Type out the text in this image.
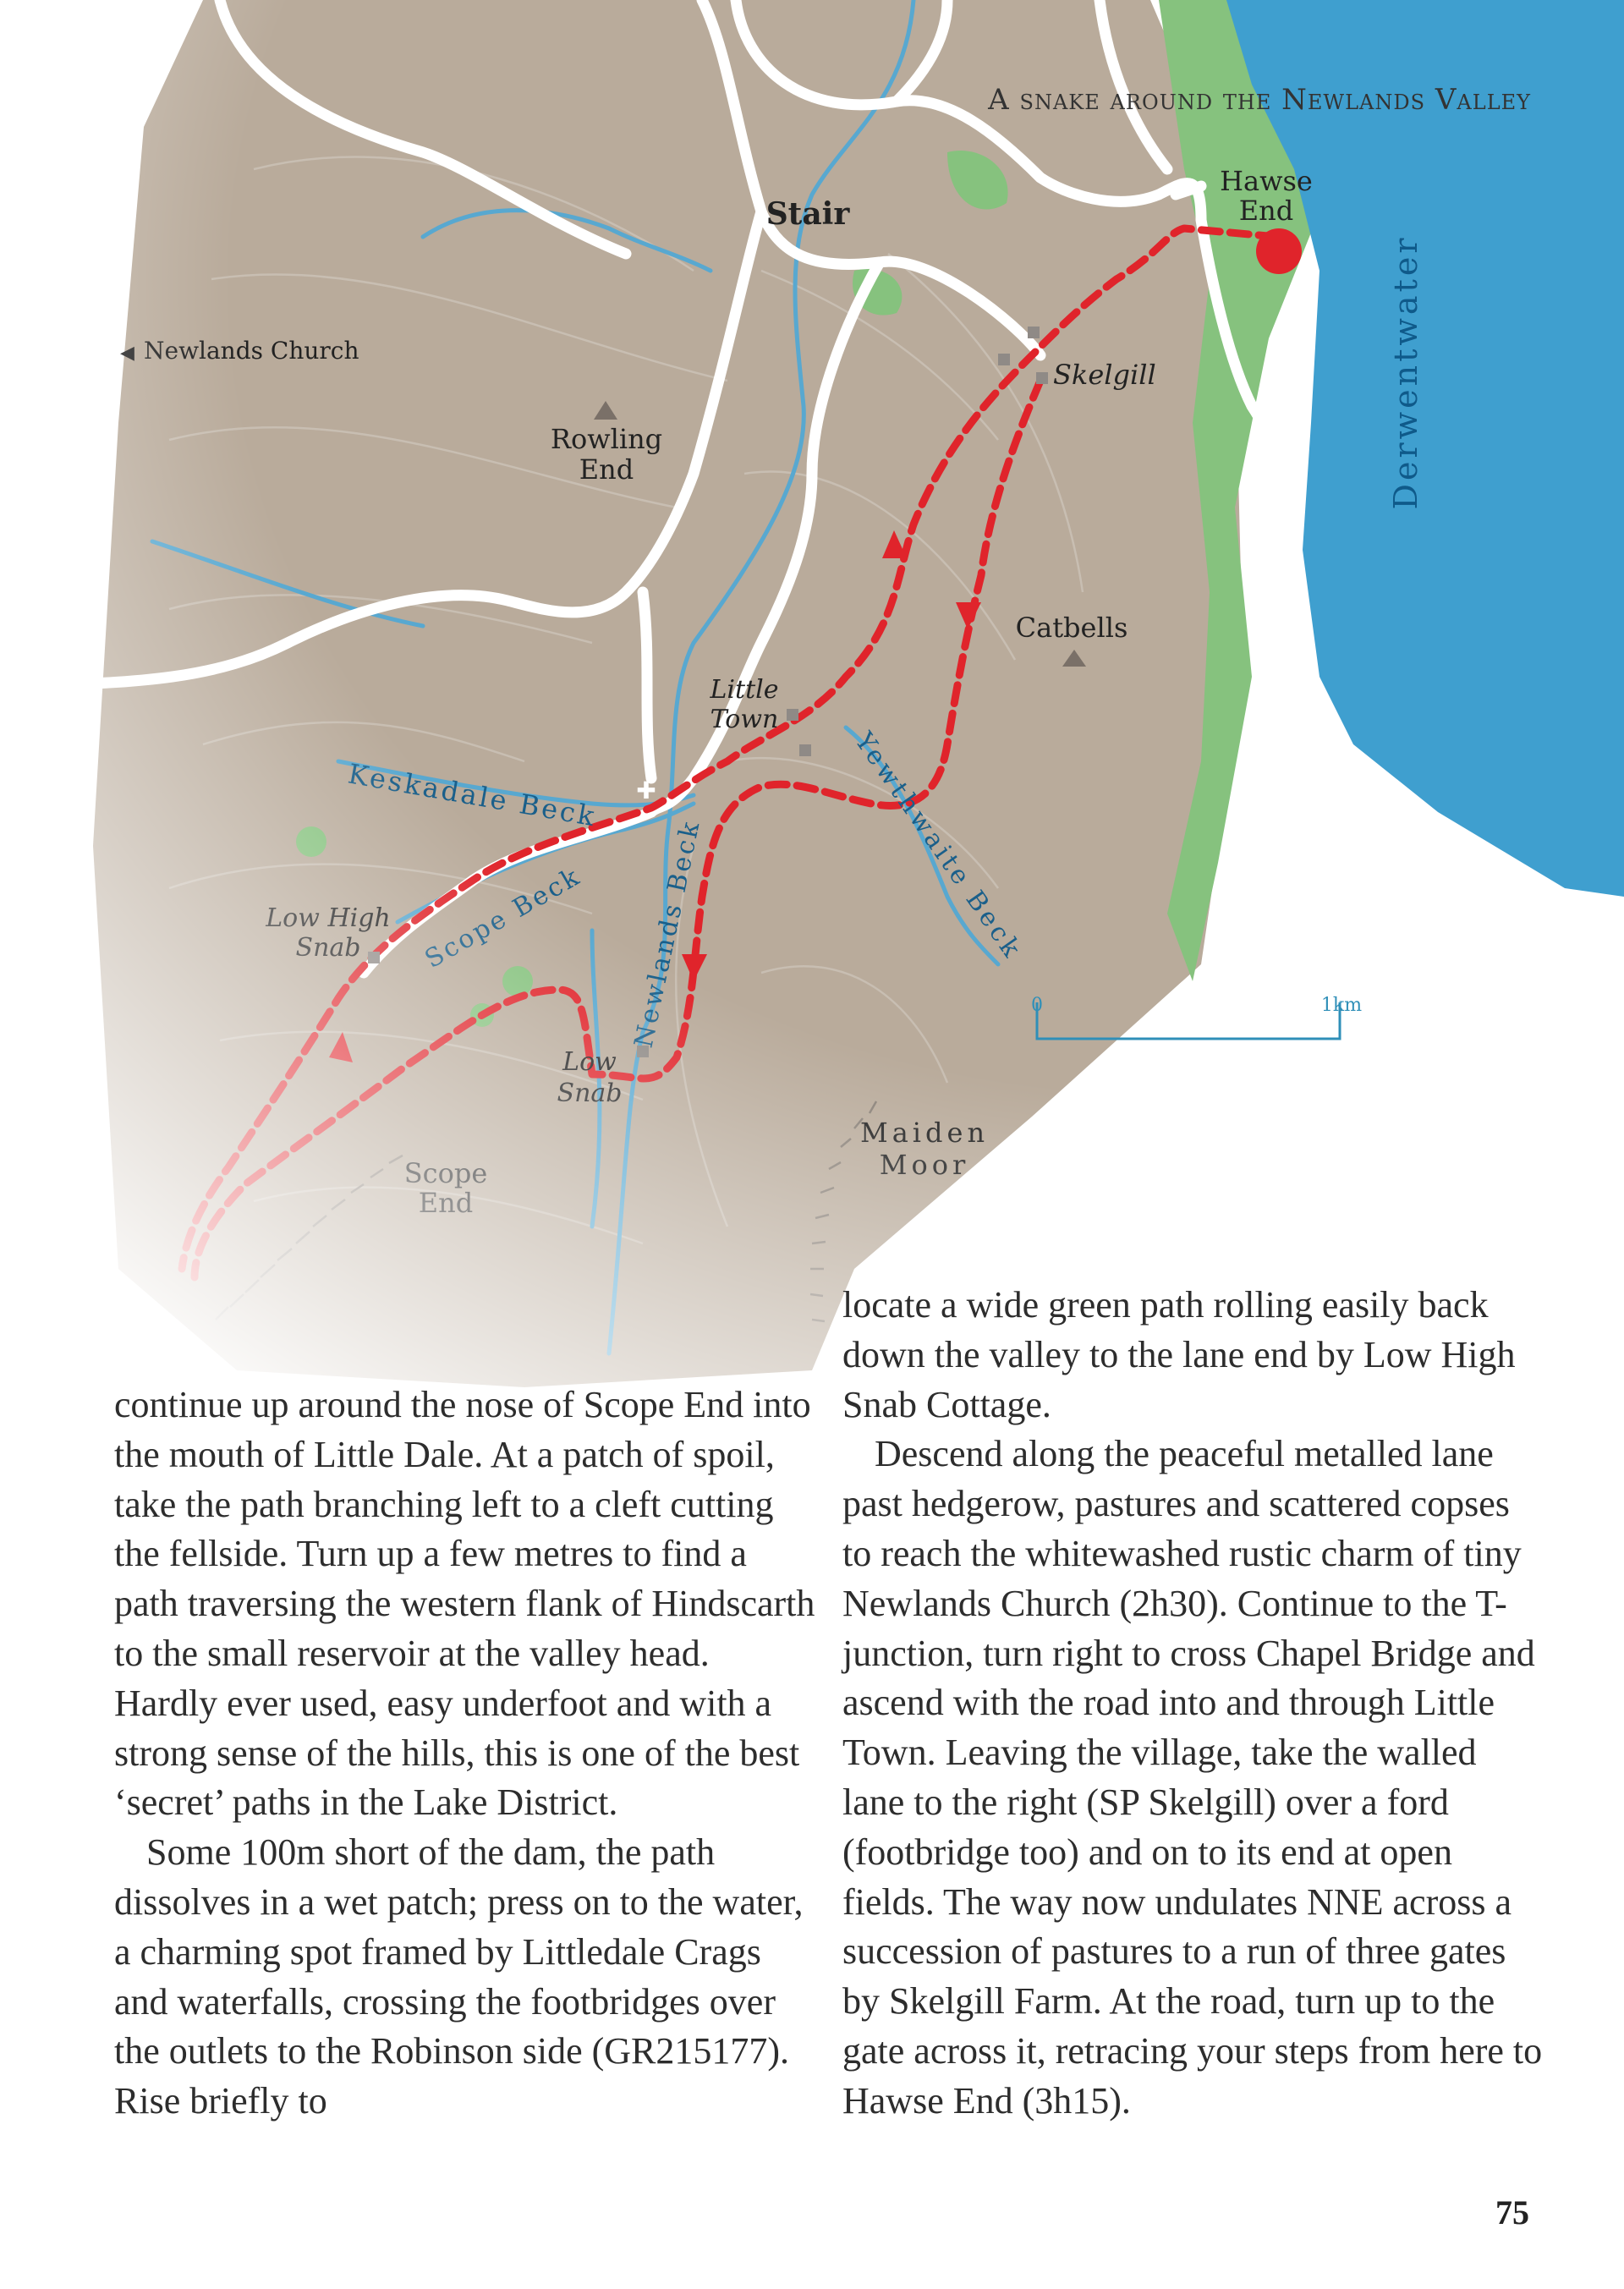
A snake around the Newlands Valley

continue up around the nose of Scope End into the mouth of Little Dale. At a patch of spoil, take the path branching left to a cleft cutting the fellside. Turn up a few metres to find a path traversing the western flank of Hindscarth to the small reservoir at the valley head. Hardly ever used, easy underfoot and with a strong sense of the hills, this is one of the best ‘secret’ paths in the Lake District.

Some 100m short of the dam, the path dissolves in a wet patch; press on to the water, a charming spot framed by Littledale Crags and waterfalls, crossing the footbridges over the outlets to the Robinson side (GR215177). Rise briefly to

locate a wide green path rolling easily back down the valley to the lane end by Low High Snab Cottage.

Descend along the peaceful metalled lane past hedgerow, pastures and scattered copses to reach the whitewashed rustic charm of tiny Newlands Church (2h30). Continue to the T-junction, turn right to cross Chapel Bridge and ascend with the road into and through Little Town. Leaving the village, take the walled lane to the right (SP Skelgill) over a ford (footbridge too) and on to its end at open fields. The way now undulates NNE across a succession of pastures to a run of three gates by Skelgill Farm. At the road, turn up to the gate across it, retracing your steps from here to Hawse End (3h15).

75
